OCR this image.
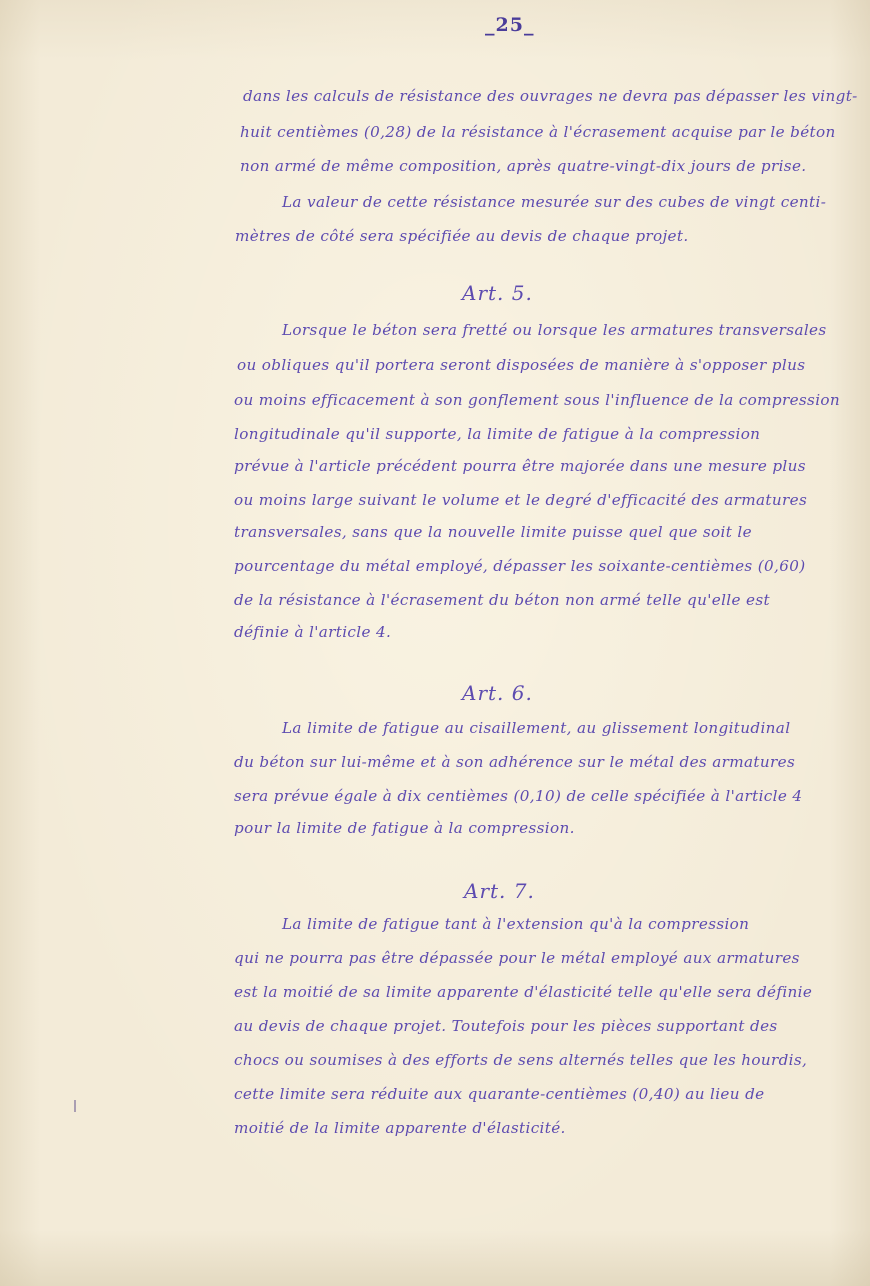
_25_
dans les calculs de résistance des ouvrages ne devra pas dépasser les vingt-
huit centièmes (0,28) de la résistance à l'écrasement acquise par le béton
non armé de même composition, après quatre-vingt-dix jours de prise.
La valeur de cette résistance mesurée sur des cubes de vingt centi-
mètres de côté sera spécifiée au devis de chaque projet.
Art. 5.
Lorsque le béton sera fretté ou lorsque les armatures transversales
ou obliques qu'il portera seront disposées de manière à s'opposer plus
ou moins efficacement à son gonflement sous l'influence de la compression
longitudinale qu'il supporte, la limite de fatigue à la compression
prévue à l'article précédent pourra être majorée dans une mesure plus
ou moins large suivant le volume et le degré d'efficacité des armatures
transversales, sans que la nouvelle limite puisse quel que soit le
pourcentage du métal employé, dépasser les soixante-centièmes (0,60)
de la résistance à l'écrasement du béton non armé telle qu'elle est
définie à l'article 4.
Art. 6.
La limite de fatigue au cisaillement, au glissement longitudinal
du béton sur lui-même et à son adhérence sur le métal des armatures
sera prévue égale à dix centièmes (0,10) de celle spécifiée à l'article 4
pour la limite de fatigue à la compression.
Art. 7.
La limite de fatigue tant à l'extension qu'à la compression
qui ne pourra pas être dépassée pour le métal employé aux armatures
est la moitié de sa limite apparente d'élasticité telle qu'elle sera définie
au devis de chaque projet. Toutefois pour les pièces supportant des
chocs ou soumises à des efforts de sens alternés telles que les hourdis,
cette limite sera réduite aux quarante-centièmes (0,40) au lieu de
moitié de la limite apparente d'élasticité.
